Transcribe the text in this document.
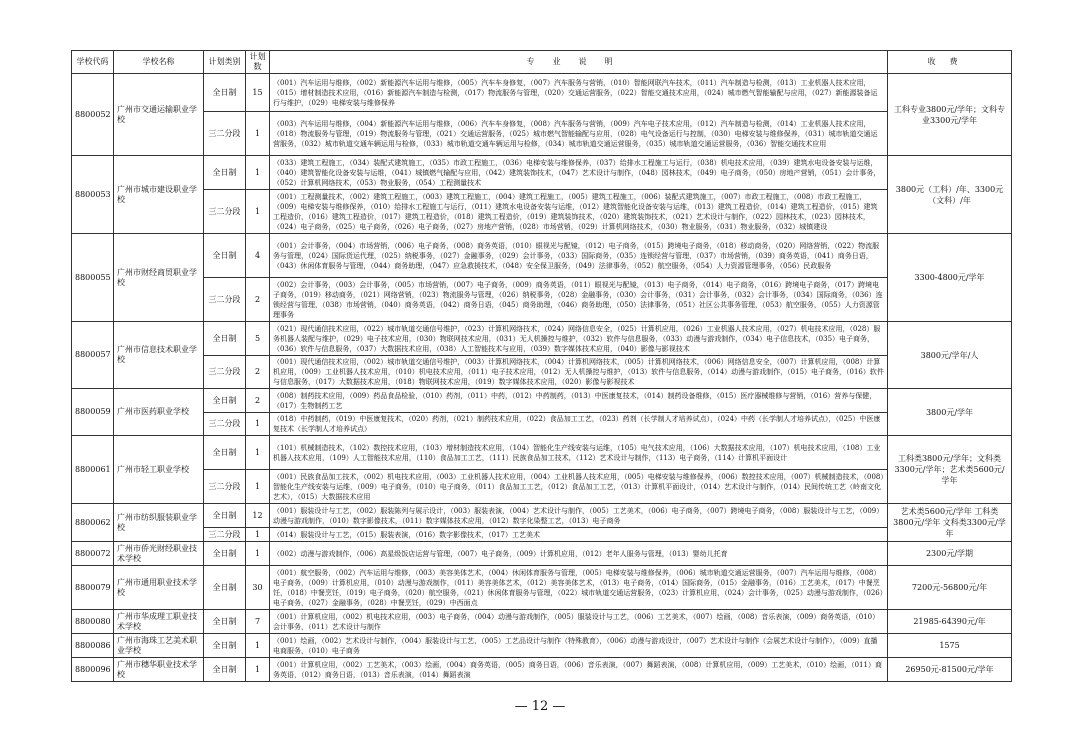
学校代码	学校名称	计划类别	计划数	专业说明	收费
8800052	广州市交通运输职业学校	全日制	15	（001）汽车运用与维修，（002）新能源汽车运用与维修，（005）汽车车身修复，（007）汽车服务与营销，（010）智能网联汽车技术，（011）汽车制造与检测，（013）工业机器人技术应用，（015）增材制造技术应用，（016）新能源汽车制造与检测，（017）物流服务与管理，（020）交通运营服务，（022）智能交通技术应用，（024）城市燃气智能输配与应用，（027）新能源装备运行与维护，（029）电梯安装与维修保养	工科专业3800元/学年；文科专业3300元/学年
		三二分段	1	（003）汽车运用与维修，（004）新能源汽车运用与维修，（006）汽车车身修复，（008）汽车服务与营销，（009）汽车电子技术应用，（012）汽车制造与检测，（014）工业机器人技术应用，（018）物流服务与管理，（019）物流服务与管理，（021）交通运营服务，（025）城市燃气智能输配与应用，（028）电气设备运行与控制，（030）电梯安装与维修保养，（031）城市轨道交通运营服务，（032）城市轨道交通车辆运用与检修，（033）城市轨道交通车辆运用与检修，（034）城市轨道交通运营服务，（035）城市轨道交通运营服务，（036）智能交通技术应用	
8800053	广州市城市建设职业学校	全日制	1	（033）建筑工程施工，（034）装配式建筑施工，（035）市政工程施工，（036）电梯安装与维修保养，（037）给排水工程施工与运行，（038）机电技术应用，（039）建筑水电设备安装与运维，（040）建筑智能化设备安装与运维，（041）城镇燃气输配与应用，（042）建筑装饰技术，（047）艺术设计与制作，（048）园林技术，（049）电子商务，（050）房地产营销，（051）会计事务，（052）计算机网络技术，（053）物业服务，（054）工程测量技术	3800元（工科）/年、3300元（文科）/年
		三二分段	1	（001）工程测量技术，（002）建筑工程施工，（003）建筑工程施工，（004）建筑工程施工，（005）建筑工程施工，（006）装配式建筑施工，（007）市政工程施工，（008）市政工程施工，（009）电梯安装与维修保养，（010）给排水工程施工与运行，（011）建筑水电设备安装与运维，（012）建筑智能化设备安装与运维，（013）建筑工程造价，（014）建筑工程造价，（015）建筑工程造价，（016）建筑工程造价，（017）建筑工程造价，（018）建筑工程造价，（019）建筑装饰技术，（020）建筑装饰技术，（021）艺术设计与制作，（022）园林技术，（023）园林技术，（024）电子商务，（025）电子商务，（026）电子商务，（027）房地产营销，（028）市场营销，（029）计算机网络技术，（030）物业服务，（031）物业服务，（032）城镇建设	
8800055	广州市财经商贸职业学校	全日制	4	（001）会计事务，（004）市场营销，（006）电子商务，（008）商务英语，（010）眼视光与配镜，（012）电子商务，（015）跨境电子商务，（018）移动商务，（020）网络营销，（022）物流服务与管理，（024）国际货运代理，（025）纳税事务，（027）金融事务，（029）会计事务，（033）国际商务，（035）连锁经营与管理，（037）市场营销，（039）商务英语，（041）商务日语，（043）休闲体育服务与管理，（044）商务助理，（047）应急救援技术，（048）安全保卫服务，（049）法律事务，（052）航空服务，（054）人力资源管理事务，（056）民政服务	3300-4800元/学年
		三二分段	2	（002）会计事务，（003）会计事务，（005）市场营销，（007）电子商务，（009）商务英语，（011）眼视光与配镜，（013）电子商务，（014）电子商务，（016）跨境电子商务，（017）跨境电子商务，（019）移动商务，（021）网络营销，（023）物流服务与管理，（026）纳税事务，（028）金融事务，（030）会计事务，（031）会计事务，（032）会计事务，（034）国际商务，（036）连锁经营与管理，（038）市场营销，（040）商务英语，（042）商务日语，（045）商务助理，（046）商务助理，（050）法律事务，（051）社区公共事务管理，（053）航空服务，（055）人力资源管理事务	
8800057	广州市信息技术职业学校	全日制	5	（021）现代通信技术应用，（022）城市轨道交通信号维护，（023）计算机网络技术，（024）网络信息安全，（025）计算机应用，（026）工业机器人技术应用，（027）机电技术应用，（028）服务机器人装配与维护，（029）电子技术应用，（030）物联网技术应用，（031）无人机操控与维护，（032）软件与信息服务，（033）动漫与游戏制作，（034）电子信息技术，（035）电子商务，（036）软件与信息服务，（037）大数据技术应用，（038）人工智能技术与应用，（039）数字媒体技术应用，（040）影像与影视技术	3800元/学年/人
		三二分段	2	（001）现代通信技术应用，（002）城市轨道交通信号维护，（003）计算机网络技术，（004）计算机网络技术，（005）计算机网络技术，（006）网络信息安全，（007）计算机应用，（008）计算机应用，（009）工业机器人技术应用，（010）机电技术应用，（011）电子技术应用，（012）无人机操控与维护，（013）软件与信息服务，（014）动漫与游戏制作，（015）电子商务，（016）软件与信息服务，（017）大数据技术应用，（018）物联网技术应用，（019）数字媒体技术应用，（020）影像与影视技术	
8800059	广州市医药职业学校	全日制	2	（008）制药技术应用，（009）药品食品检验，（010）药剂，（011）中药，（012）中药制药，（013）中医康复技术，（014）制药设备维修，（015）医疗器械维修与营销，（016）营养与保健，（017）生物制药工艺	3800元/学年
		三二分段	1	（018）中药制药，（019）中医康复技术，（020）药剂，（021）制药技术应用，（022）食品加工工艺，（023）药剂（长学制人才培养试点），（024）中药（长学制人才培养试点），（025）中医康复技术（长学制人才培养试点）	
8800061	广州市轻工职业学校	全日制	1	（101）机械制造技术，（102）数控技术应用，（103）增材制造技术应用，（104）智能化生产线安装与运维，（105）电气技术应用，（106）大数据技术应用，（107）机电技术应用，（108）工业机器人技术应用，（109）人工智能技术应用，（110）食品加工工艺，（111）民族食品加工技术，（112）艺术设计与制作，（113）电子商务，（114）计算机平面设计	工科类3800元/学年；文科类3300元/学年；艺术类5600元/学年
		三二分段	1	（001）民族食品加工技术，（002）机电技术应用，（003）工业机器人技术应用，（004）工业机器人技术应用，（005）电梯安装与维修保养，（006）数控技术应用，（007）机械制造技术，（008）智能化生产线安装与运维，（009）电子商务，（010）电子商务，（011）食品加工工艺，（012）食品加工工艺，（013）计算机平面设计，（014）艺术设计与制作，（014）民间传统工艺（岭南文化艺术），（015）大数据技术应用	
8800062	广州市纺织服装职业学校	全日制	12	（001）服装设计与工艺，（002）服装陈列与展示设计，（003）服装表演，（004）艺术设计与制作，（005）工艺美术，（006）电子商务，（007）跨境电子商务，（008）服装设计与工艺，（009）动漫与游戏制作，（010）数字影像技术，（011）数字媒体技术应用，（012）数字化染整工艺，（013）电子商务	艺术类5600元/学年 工科类3800元/学年 文科类3300元/学年
		三二分段	1	（014）服装设计与工艺，（015）服装表演，（016）数字影像技术，（017）工艺美术	
8800072	广州市侨光财经职业技术学校	全日制	1	（002）动漫与游戏制作，（006）高星级饭店运营与管理，（007）电子商务，（009）计算机应用，（012）老年人服务与管理，（013）婴幼儿托育	2300元/学期
8800079	广州市通用职业技术学校	全日制	30	（001）航空服务，（002）汽车运用与维修，（003）美容美体艺术，（004）休闲体育服务与管理，（005）电梯安装与维修保养，（006）城市轨道交通运营服务，（007）汽车运用与维修，（008）电子商务，（009）计算机应用，（010）动漫与游戏制作，（011）美容美体艺术，（012）美容美体艺术，（013）电子商务，（014）国际商务，（015）金融事务，（016）工艺美术，（017）中餐烹饪，（018）中餐烹饪，（019）电子商务，（020）航空服务，（021）休闲体育服务与管理，（022）城市轨道交通运营服务，（023）计算机应用，（024）会计事务，（025）动漫与游戏制作，（026）电子商务，（027）金融事务，（028）中餐烹饪，（029）中西面点	7200元-56800元/年
8800080	广州市华成理工职业技术学校	全日制	7	（001）计算机应用，（002）机电技术应用，（003）电子商务，（004）动漫与游戏制作，（005）服装设计与工艺，（006）工艺美术，（007）绘画，（008）音乐表演，（009）商务英语，（010）会计事务，（011）艺术设计与制作	21985-64390元/年
8800086	广州市海珠工艺美术职业学校	全日制	1	（001）绘画，（002）艺术设计与制作，（004）服装设计与工艺，（005）工艺品设计与制作（特殊教育），（006）动漫与游戏设计，（007）艺术设计与制作（会展艺术设计与制作），（009）直播电商服务，（010）电子商务	1575
8800096	广州市穗华职业技术学校	全日制	1	（001）计算机应用，（002）工艺美术，（003）绘画，（004）商务英语，（005）商务日语，（006）音乐表演，（007）舞蹈表演，（008）计算机应用，（009）工艺美术，（010）绘画，（011）商务英语，（012）商务日语，（013）音乐表演，（014）舞蹈表演	26950元-81500元/学年
— 12 —
